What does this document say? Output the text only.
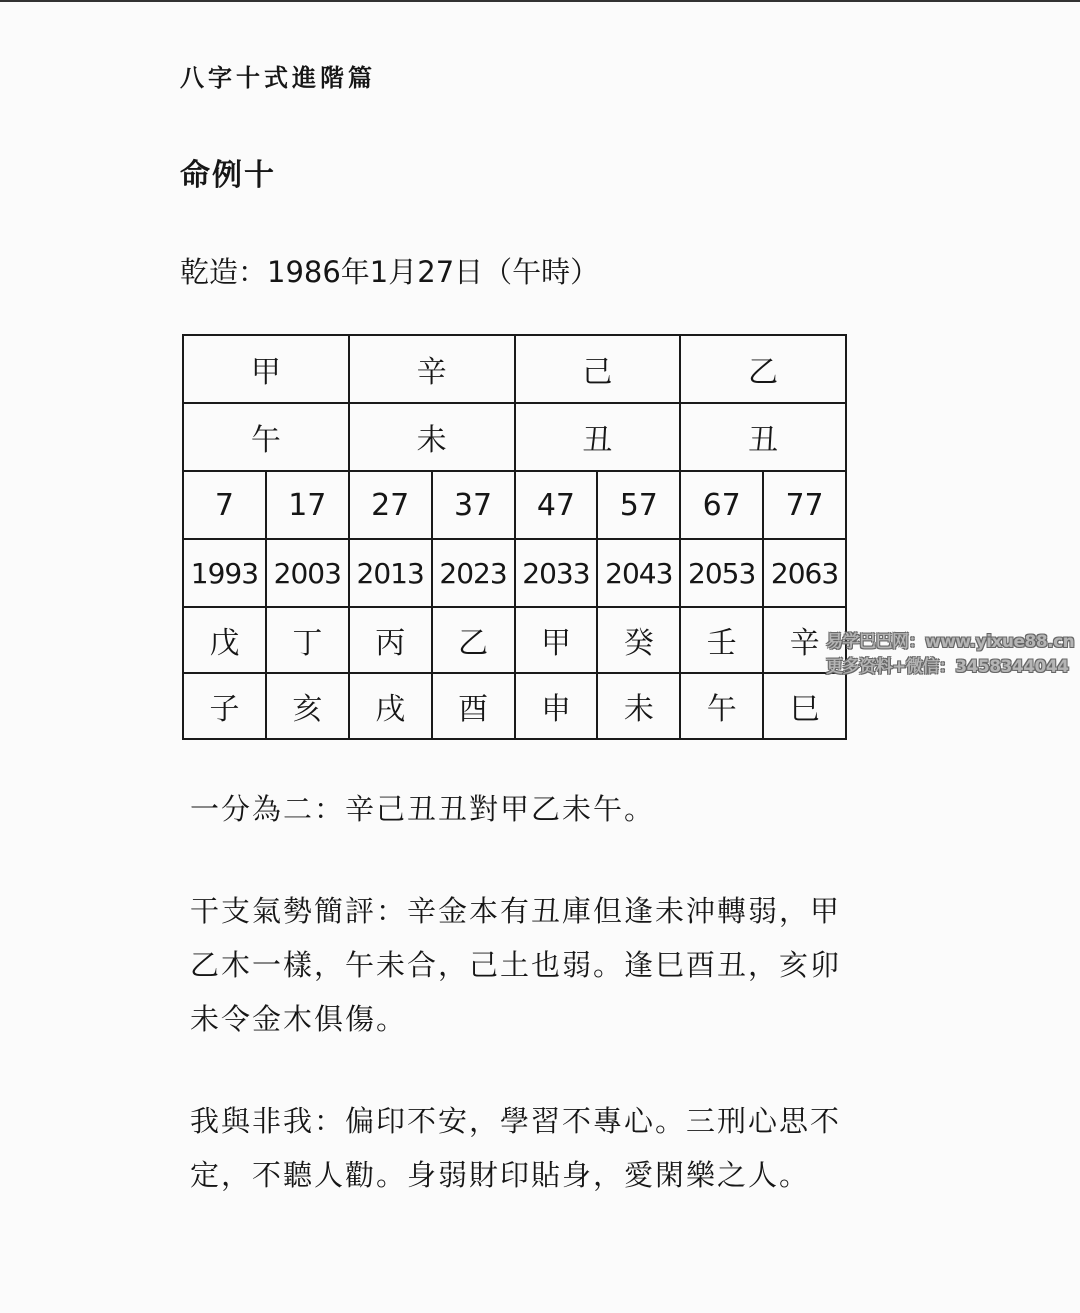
八字十式進階篇
命例十
乾造：1986年1月27日（午時）
甲		辛		己		乙	
午		未		丑		丑	
7	17	27	37	47	57	67	77
1993	2003	2013	2023	2033	2043	2053	2063
戊	丁	丙	乙	甲	癸	壬	辛
子	亥	戌	酉	申	未	午	巳
易学巴巴网：www.yixue88.cn
更多资料+微信：3458344044
一分為二：辛己丑丑對甲乙未午。
干支氣勢簡評：辛金本有丑庫但逢未沖轉弱，甲乙木一樣，午未合，己土也弱。逢巳酉丑，亥卯未令金木俱傷。
我與非我：偏印不安，學習不專心。三刑心思不定，不聽人勸。身弱財印貼身，愛閑樂之人。
